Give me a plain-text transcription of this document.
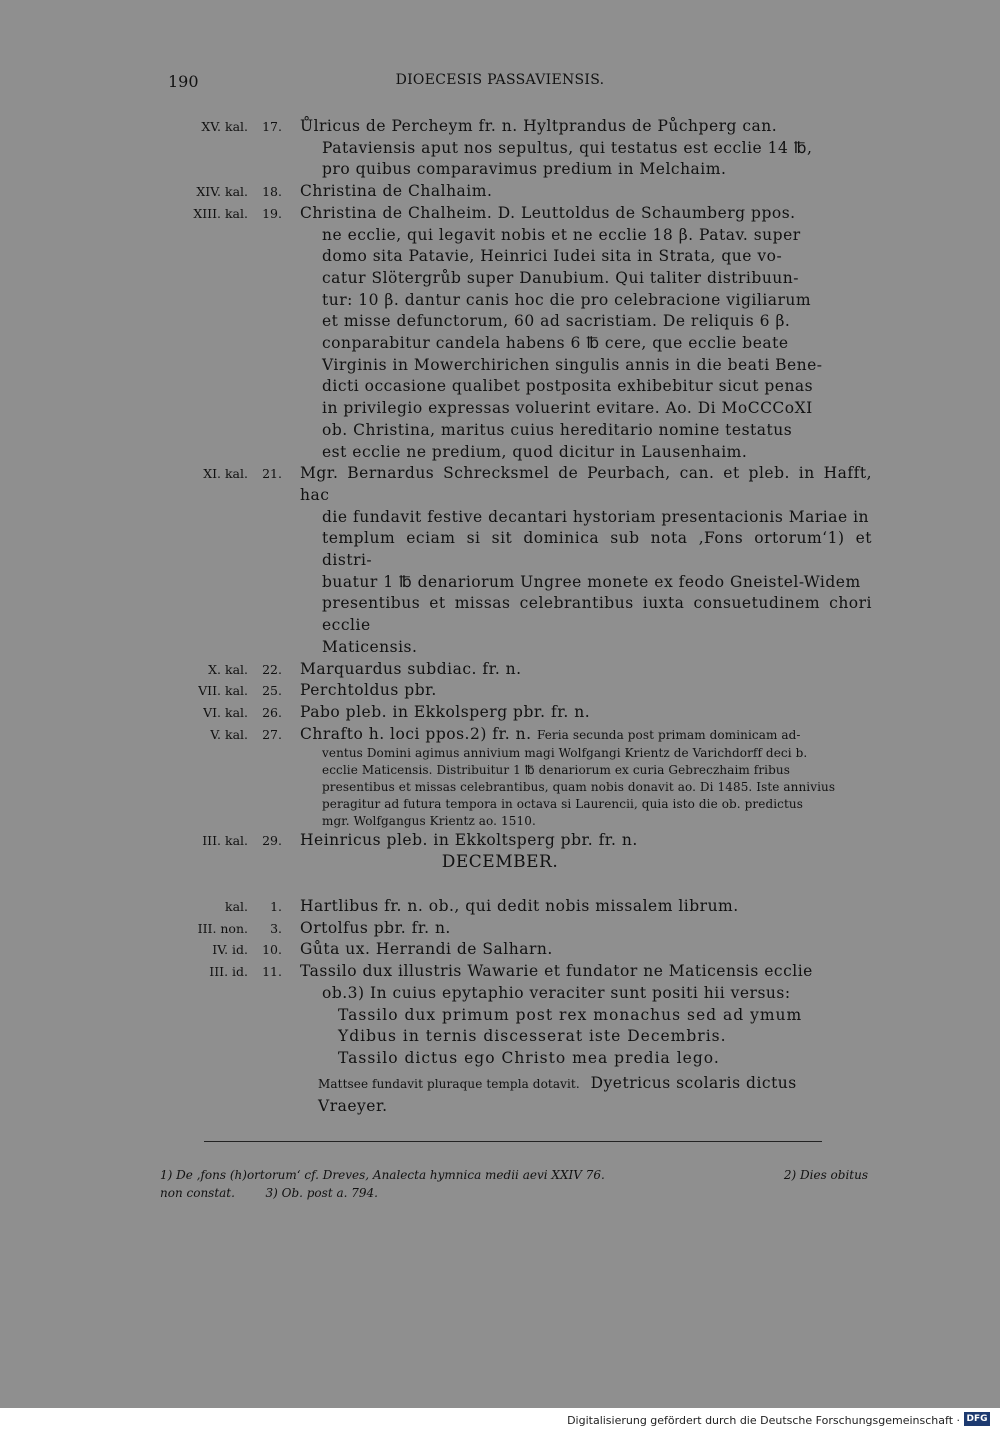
190	DIOECESIS PASSAVIENSIS.
XV. kal.	17. Ůlricus de Percheym fr. n. Hyltprandus de Půchperg can.
Pataviensis aput nos sepultus, qui testatus est ecclie 14 ℔,
pro quibus comparavimus predium in Melchaim.
XIV. kal.	18. Christina de Chalhaim.
XIII. kal.	19. Christina de Chalheim. D. Leuttoldus de Schaumberg ppos.
ne ecclie, qui legavit nobis et ne ecclie 18 β. Patav. super
domo sita Patavie, Heinrici Iudei sita in Strata, que vo-
catur Slötergrůb super Danubium. Qui taliter distribuun-
tur: 10 β. dantur canis hoc die pro celebracione vigiliarum
et misse defunctorum, 60 ad sacristiam. De reliquis 6 β.
conparabitur candela habens 6 ℔ cere, que ecclie beate
Virginis in Mowerchirichen singulis annis in die beati Bene-
dicti occasione qualibet postposita exhibebitur sicut penas
in privilegio expressas voluerint evitare. Ao. Di MoCCCoXI
ob. Christina, maritus cuius hereditario nomine testatus
est ecclie ne predium, quod dicitur in Lausenhaim.
XI. kal.	21. Mgr. Bernardus Schrecksmel de Peurbach, can. et pleb. in Hafft, hac
die fundavit festive decantari hystoriam presentacionis Mariae in
templum eciam si sit dominica sub nota ‚Fons ortorum‘1) et distri-
buatur 1 ℔ denariorum Ungree monete ex feodo Gneistel-Widem
presentibus et missas celebrantibus iuxta consuetudinem chori ecclie
Maticensis.
X. kal.	22. Marquardus subdiac. fr. n.
VII. kal.	25. Perchtoldus pbr.
VI. kal.	26. Pabo pleb. in Ekkolsperg pbr. fr. n.
V. kal.	27. Chrafto h. loci ppos.2) fr. n. Feria secunda post primam dominicam ad-
ventus Domini agimus annivium magi Wolfgangi Krientz de Varichdorff deci b.
ecclie Maticensis. Distribuitur 1 ℔ denariorum ex curia Gebreczhaim fribus
presentibus et missas celebrantibus, quam nobis donavit ao. Di 1485. Iste annivius
peragitur ad futura tempora in octava si Laurencii, quia isto die ob. predictus
mgr. Wolfgangus Krientz ao. 1510.
III. kal.	29. Heinricus pleb. in Ekkoltsperg pbr. fr. n.
DECEMBER.
kal.	1. Hartlibus fr. n. ob., qui dedit nobis missalem librum.
III. non.	3. Ortolfus pbr. fr. n.
IV. id.	10. Gůta ux. Herrandi de Salharn.
III. id.	11. Tassilo dux illustris Wawarie et fundator ne Maticensis ecclie
ob.3) In cuius epytaphio veraciter sunt positi hii versus:
Tassilo dux primum post rex monachus sed ad ymum
Ydibus in ternis discesserat iste Decembris.
Tassilo dictus ego Christo mea predia lego.
Mattsee fundavit pluraque templa dotavit. Dyetricus scolaris dictus
Vraeyer.
1) De ‚fons (h)ortorum‘ cf. Dreves, Analecta hymnica medii aevi XXIV 76.	2) Dies obitus
non constat.	3) Ob. post a. 794.
Digitalisierung gefördert durch die Deutsche Forschungsgemeinschaft · DFG
